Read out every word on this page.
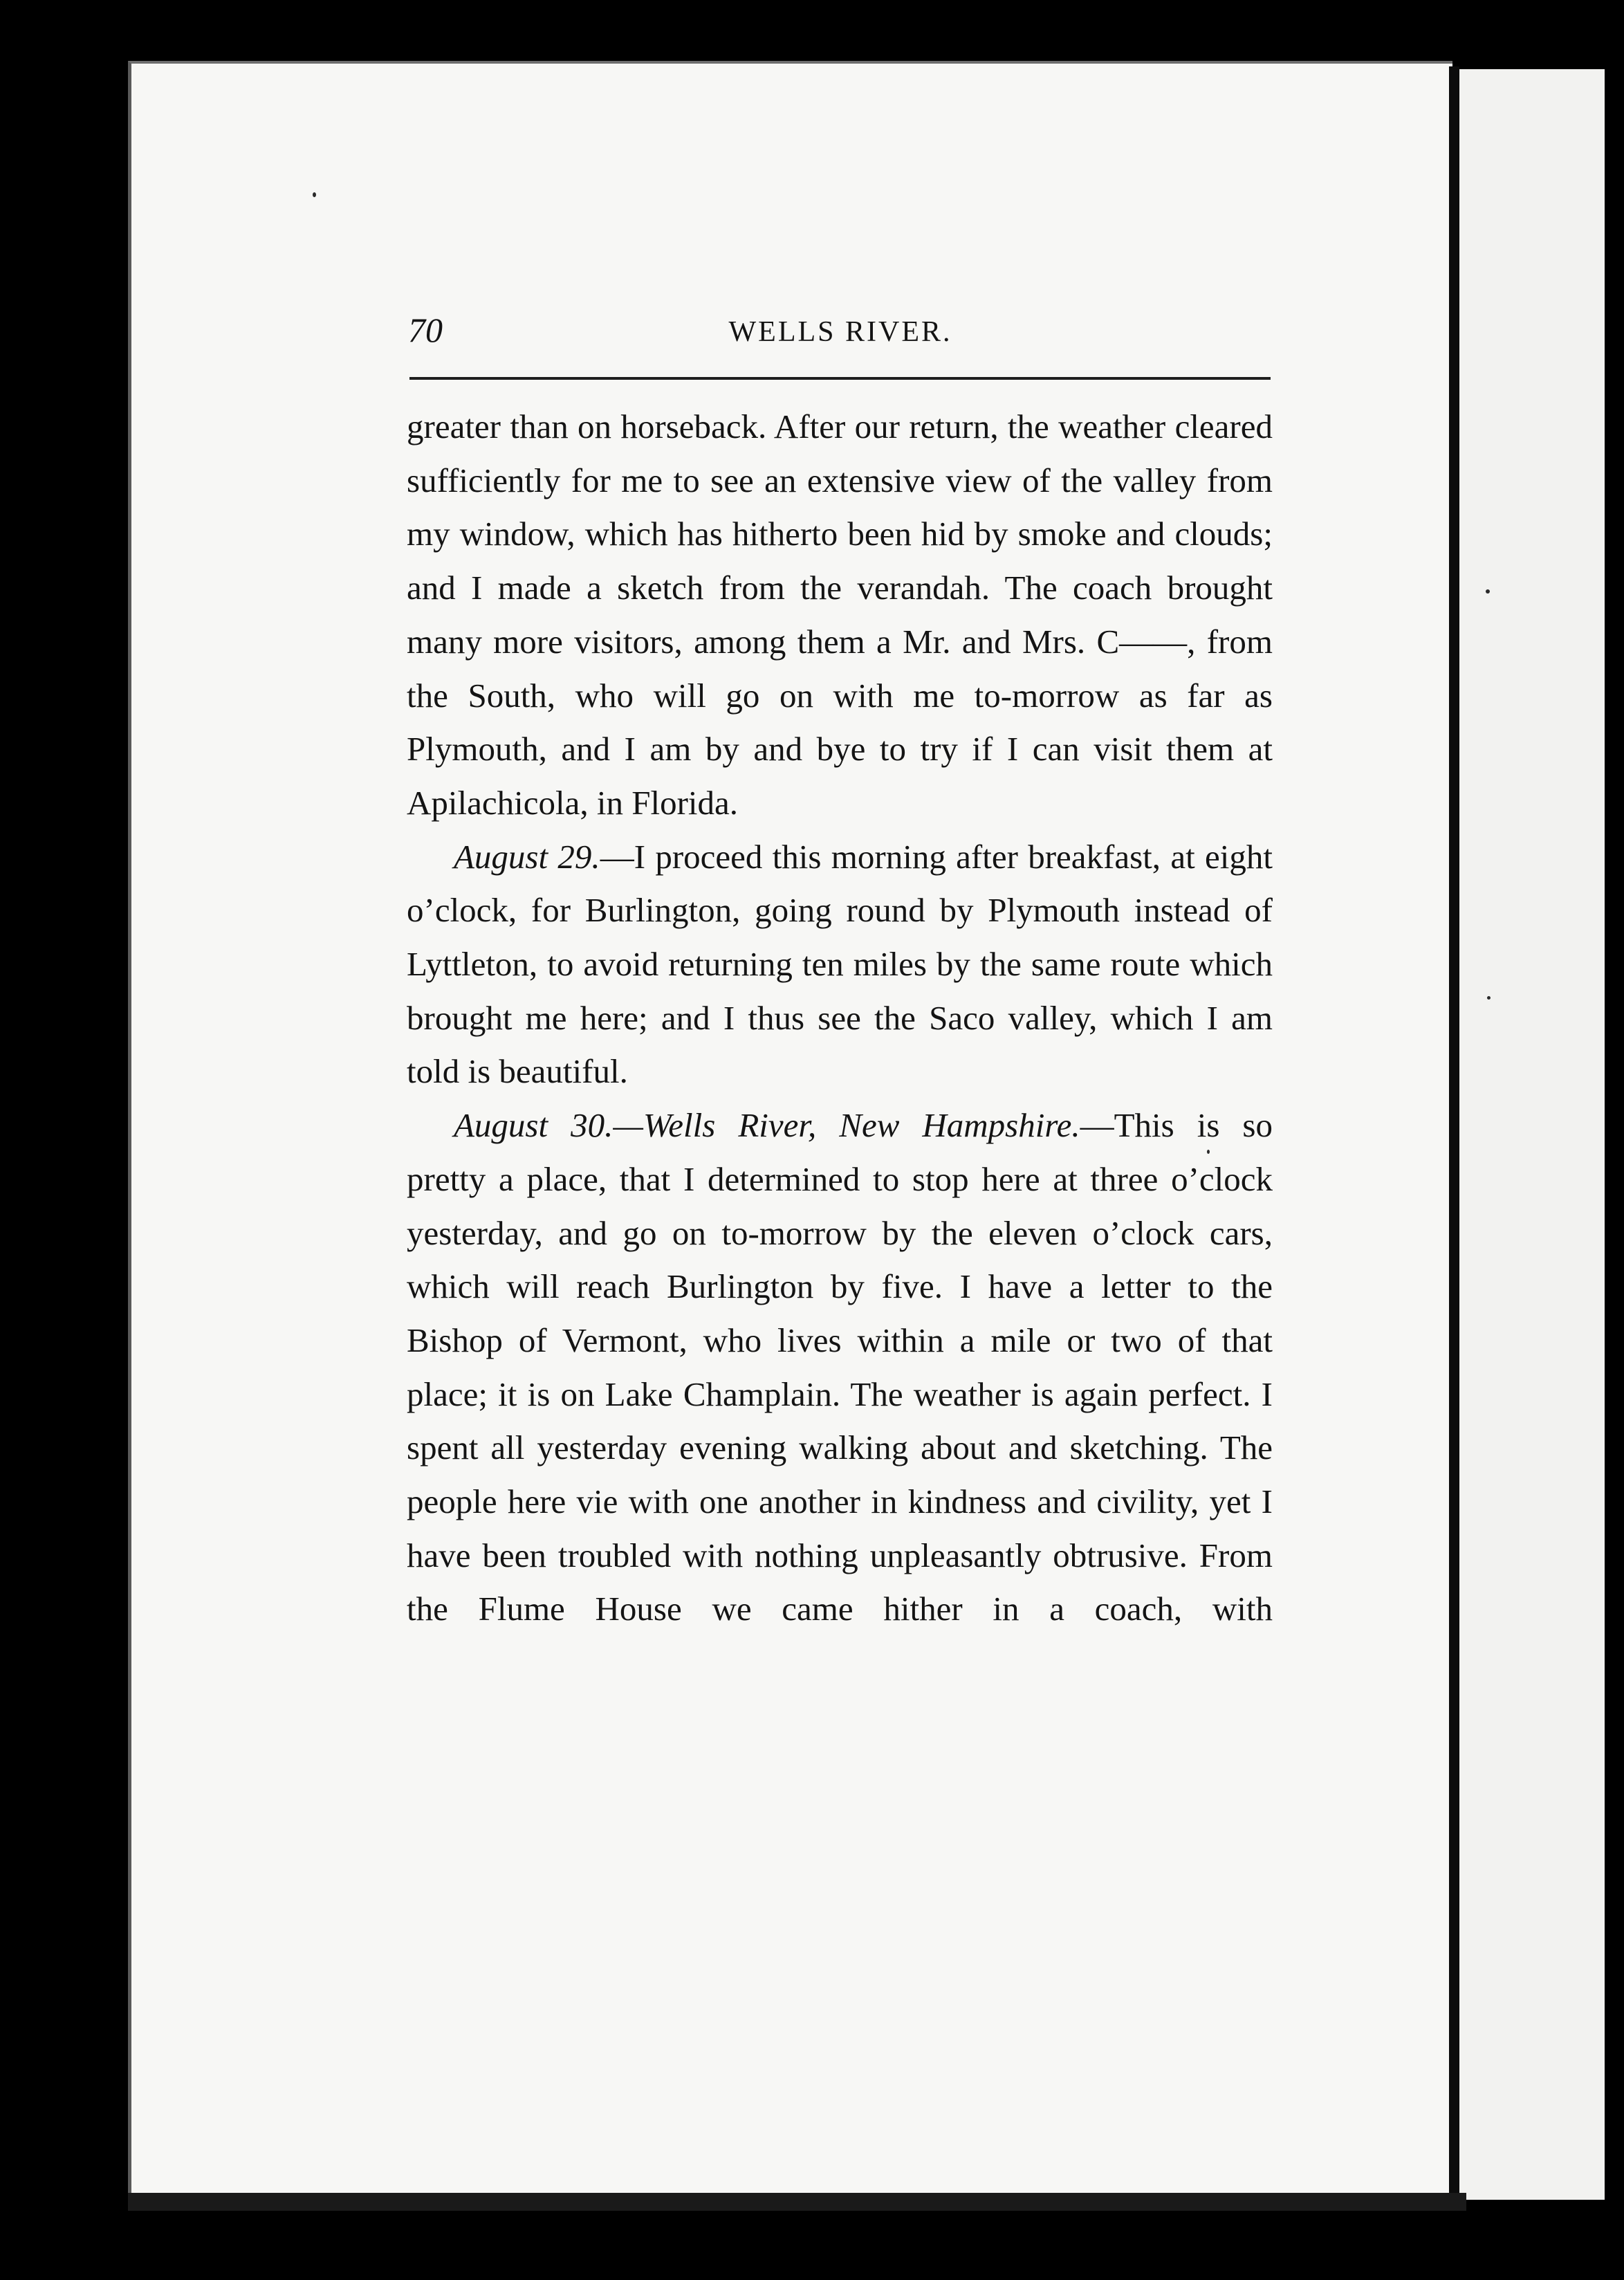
70	WELLS RIVER.

greater than on horseback. After our return, the weather cleared sufficiently for me to see an extensive view of the valley from my window, which has hitherto been hid by smoke and clouds; and I made a sketch from the verandah. The coach brought many more visitors, among them a Mr. and Mrs. C——, from the South, who will go on with me to-morrow as far as Plymouth, and I am by and bye to try if I can visit them at Apilachicola, in Florida.

August 29.—I proceed this morning after breakfast, at eight o’clock, for Burlington, going round by Plymouth instead of Lyttleton, to avoid returning ten miles by the same route which brought me here; and I thus see the Saco valley, which I am told is beautiful.

August 30.—Wells River, New Hampshire.—This is so pretty a place, that I determined to stop here at three o’clock yesterday, and go on to-morrow by the eleven o’clock cars, which will reach Burlington by five. I have a letter to the Bishop of Vermont, who lives within a mile or two of that place; it is on Lake Champlain. The weather is again perfect. I spent all yesterday evening walking about and sketching. The people here vie with one another in kindness and civility, yet I have been troubled with nothing unpleasantly obtrusive. From the Flume House we came hither in a coach, with
